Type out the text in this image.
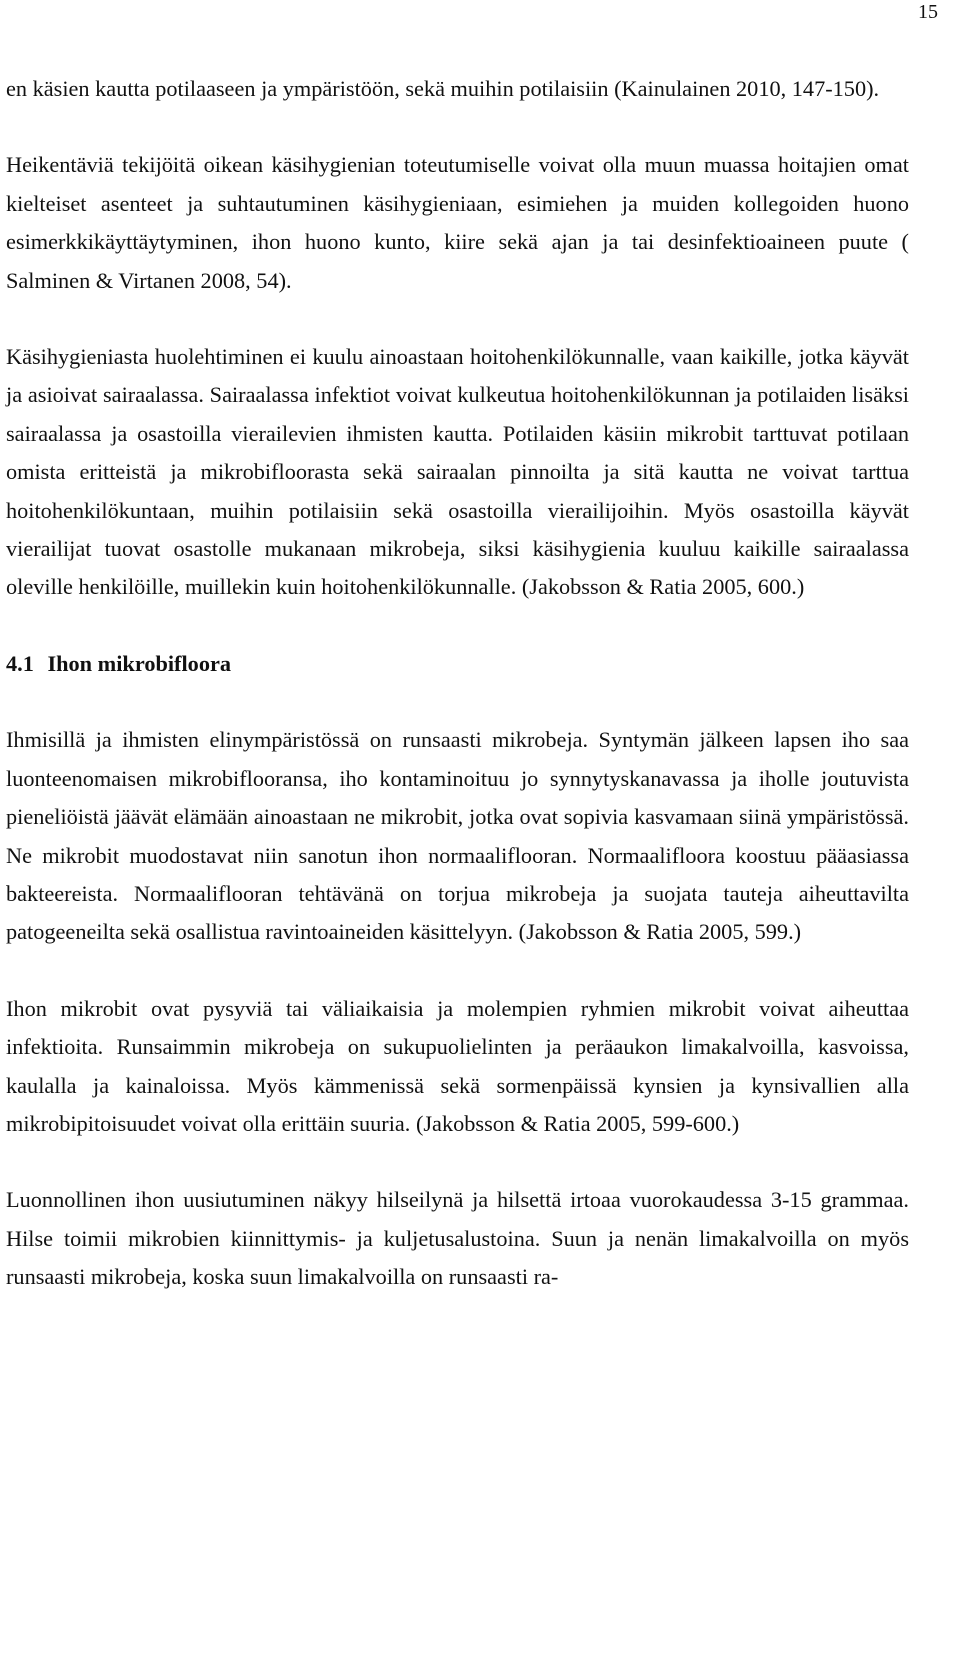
15

en käsien kautta potilaaseen ja ympäristöön, sekä muihin potilaisiin (Kainulainen 2010, 147-150).

Heikentäviä tekijöitä oikean käsihygienian toteutumiselle voivat olla muun muassa hoitajien omat kielteiset asenteet ja suhtautuminen käsihygieniaan, esimiehen ja muiden kollegoiden huono esimerkkikäyttäytyminen, ihon huono kunto, kiire sekä ajan ja tai desinfektioaineen puute ( Salminen & Virtanen 2008, 54).

Käsihygieniasta huolehtiminen ei kuulu ainoastaan hoitohenkilökunnalle, vaan kaikille, jotka käyvät ja asioivat sairaalassa. Sairaalassa infektiot voivat kulkeutua hoitohenkilökunnan ja potilaiden lisäksi sairaalassa ja osastoilla vierailevien ihmisten kautta. Potilaiden käsiin mikrobit tarttuvat potilaan omista eritteistä ja mikrobifloorasta sekä sairaalan pinnoilta ja sitä kautta ne voivat tarttua hoitohenkilökuntaan, muihin potilaisiin sekä osastoilla vierailijoihin. Myös osastoilla käyvät vierailijat tuovat osastolle mukanaan mikrobeja, siksi käsihygienia kuuluu kaikille sairaalassa oleville henkilöille, muillekin kuin hoitohenkilökunnalle. (Jakobsson & Ratia 2005, 600.)

4.1 Ihon mikrobifloora

Ihmisillä ja ihmisten elinympäristössä on runsaasti mikrobeja. Syntymän jälkeen lapsen iho saa luonteenomaisen mikrobiflooransa, iho kontaminoituu jo synnytyskanavassa ja iholle joutuvista pieneliöistä jäävät elämään ainoastaan ne mikrobit, jotka ovat sopivia kasvamaan siinä ympäristössä. Ne mikrobit muodostavat niin sanotun ihon normaaliflooran. Normaalifloora koostuu pääasiassa bakteereista. Normaaliflooran tehtävänä on torjua mikrobeja ja suojata tauteja aiheuttavilta patogeeneilta sekä osallistua ravintoaineiden käsittelyyn. (Jakobsson & Ratia 2005, 599.)

Ihon mikrobit ovat pysyviä tai väliaikaisia ja molempien ryhmien mikrobit voivat aiheuttaa infektioita. Runsaimmin mikrobeja on sukupuolielinten ja peräaukon limakalvoilla, kasvoissa, kaulalla ja kainaloissa. Myös kämmenissä sekä sormenpäissä kynsien ja kynsivallien alla mikrobipitoisuudet voivat olla erittäin suuria. (Jakobsson & Ratia 2005, 599-600.)

Luonnollinen ihon uusiutuminen näkyy hilseilynä ja hilsettä irtoaa vuorokaudessa 3-15 grammaa. Hilse toimii mikrobien kiinnittymis- ja kuljetusalustoina. Suun ja nenän limakalvoilla on myös runsaasti mikrobeja, koska suun limakalvoilla on runsaasti ra-
